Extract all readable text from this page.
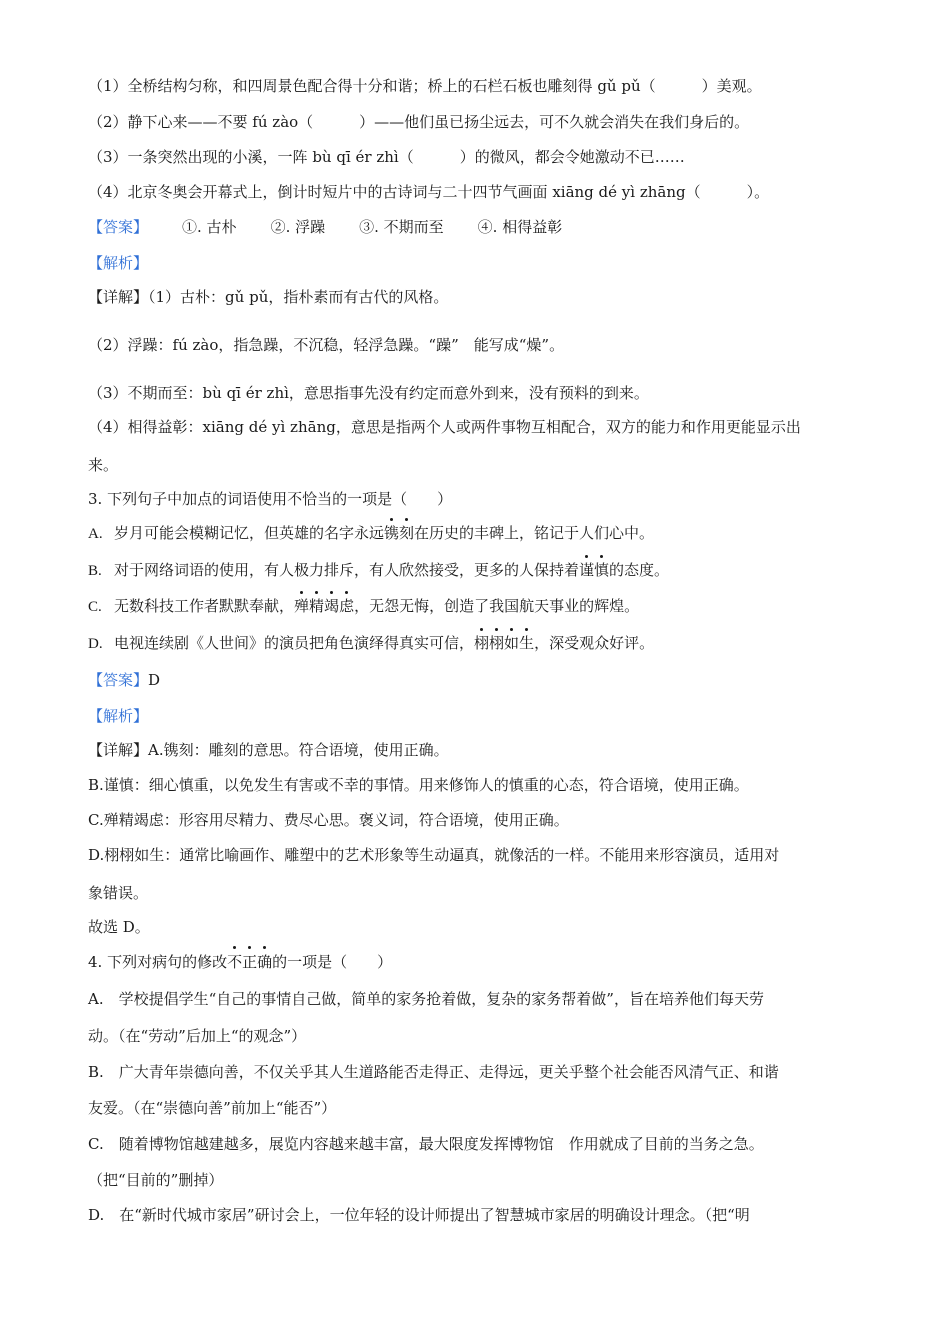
（1）全桥结构匀称，和四周景色配合得十分和谐；桥上的石栏石板也雕刻得 gǔ pǔ（	）美观。
（2）静下心来——不要 fú zào（	）——他们虽已扬尘远去，可不久就会消失在我们身后的。
（3）一条突然出现的小溪，一阵 bù qī ér zhì（	）的微风，都会令她激动不已……
（4）北京冬奥会开幕式上，倒计时短片中的古诗词与二十四节气画面 xiāng dé yì zhāng（	）。
【答案】 ①. 古朴 ②. 浮躁 ③. 不期而至 ④. 相得益彰
【解析】
【详解】（1）古朴：gǔ pǔ，指朴素而有古代的风格。
（2）浮躁：fú zào，指急躁，不沉稳，轻浮急躁。“躁”　能写成“燥”。
（3）不期而至：bù qī ér zhì，意思指事先没有约定而意外到来，没有预料的到来。
（4）相得益彰：xiāng dé yì zhāng，意思是指两个人或两件事物互相配合，双方的能力和作用更能显示出
来。
3. 下列句子中加点的词语使用不恰当的一项是（　　）
A. 岁月可能会模糊记忆，但英雄的名字永远镌刻在历史的丰碑上，铭记于人们心中。
B. 对于网络词语的使用，有人极力排斥，有人欣然接受，更多的人保持着谨慎的态度。
C. 无数科技工作者默默奉献，殚精竭虑，无怨无悔，创造了我国航天事业的辉煌。
D. 电视连续剧《人世间》的演员把角色演绎得真实可信，栩栩如生，深受观众好评。
【答案】D
【解析】
【详解】A.镌刻：雕刻的意思。符合语境，使用正确。
B.谨慎：细心慎重，以免发生有害或不幸的事情。用来修饰人的慎重的心态，符合语境，使用正确。
C.殚精竭虑：形容用尽精力、费尽心思。褒义词，符合语境，使用正确。
D.栩栩如生：通常比喻画作、雕塑中的艺术形象等生动逼真，就像活的一样。不能用来形容演员，适用对
象错误。
故选 D。
4. 下列对病句的修改不正确的一项是（　　）
A.　学校提倡学生“自己的事情自己做，简单的家务抢着做，复杂的家务帮着做”，旨在培养他们每天劳
动。（在“劳动”后加上“的观念”）
B.　广大青年崇德向善，不仅关乎其人生道路能否走得正、走得远，更关乎整个社会能否风清气正、和谐
友爱。（在“崇德向善”前加上“能否”）
C.　随着博物馆越建越多，展览内容越来越丰富，最大限度发挥博物馆　作用就成了目前的当务之急。
（把“目前的”删掉）
D.　在“新时代城市家居”研讨会上，一位年轻的设计师提出了智慧城市家居的明确设计理念。（把“明
